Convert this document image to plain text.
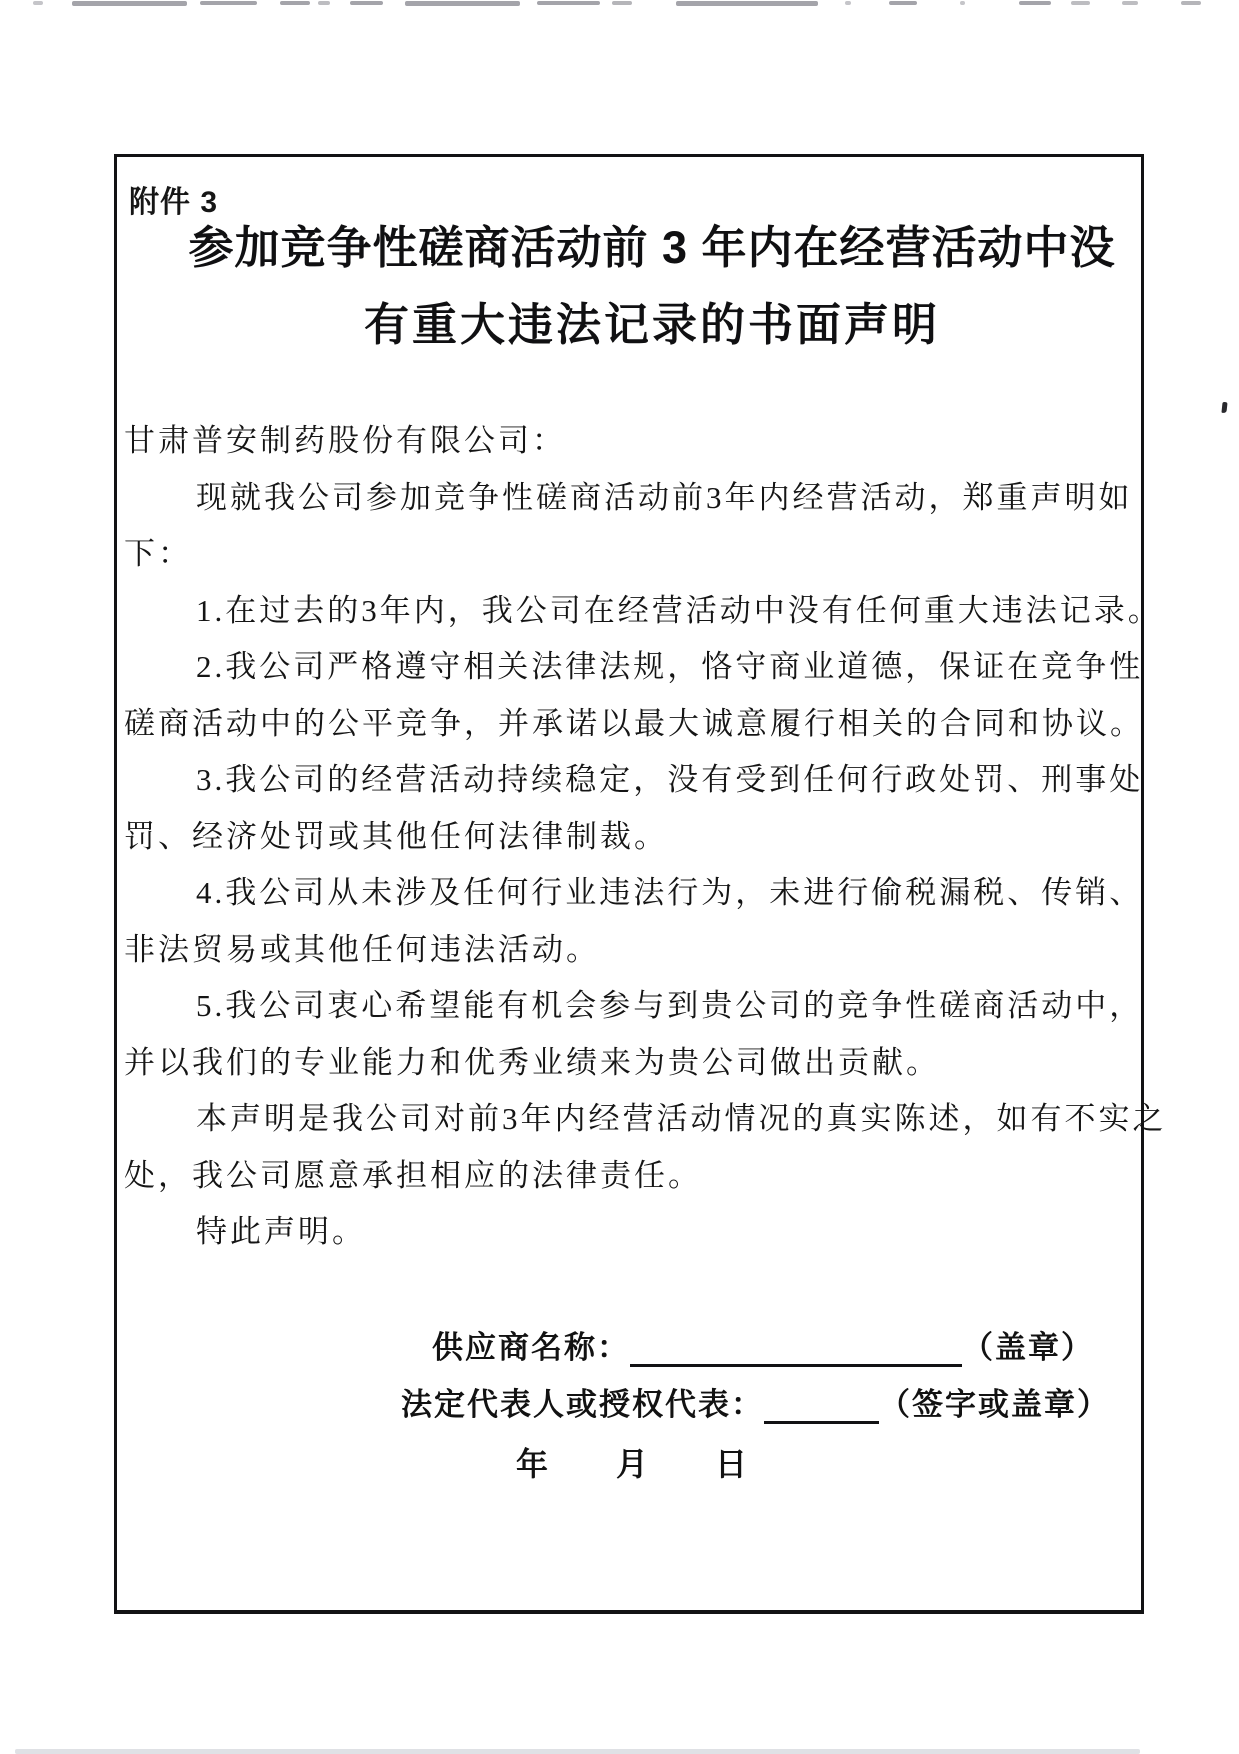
附件 3
参加竞争性磋商活动前 3 年内在经营活动中没
有重大违法记录的书面声明
甘肃普安制药股份有限公司：
现就我公司参加竞争性磋商活动前3年内经营活动，郑重声明如
下：
1.在过去的3年内，我公司在经营活动中没有任何重大违法记录。
2.我公司严格遵守相关法律法规，恪守商业道德，保证在竞争性
磋商活动中的公平竞争，并承诺以最大诚意履行相关的合同和协议。
3.我公司的经营活动持续稳定，没有受到任何行政处罚、刑事处
罚、经济处罚或其他任何法律制裁。
4.我公司从未涉及任何行业违法行为，未进行偷税漏税、传销、
非法贸易或其他任何违法活动。
5.我公司衷心希望能有机会参与到贵公司的竞争性磋商活动中，
并以我们的专业能力和优秀业绩来为贵公司做出贡献。
本声明是我公司对前3年内经营活动情况的真实陈述，如有不实之
处，我公司愿意承担相应的法律责任。
特此声明。
供应商名称：	（盖章）
法定代表人或授权代表：	（签字或盖章）
年 月 日
